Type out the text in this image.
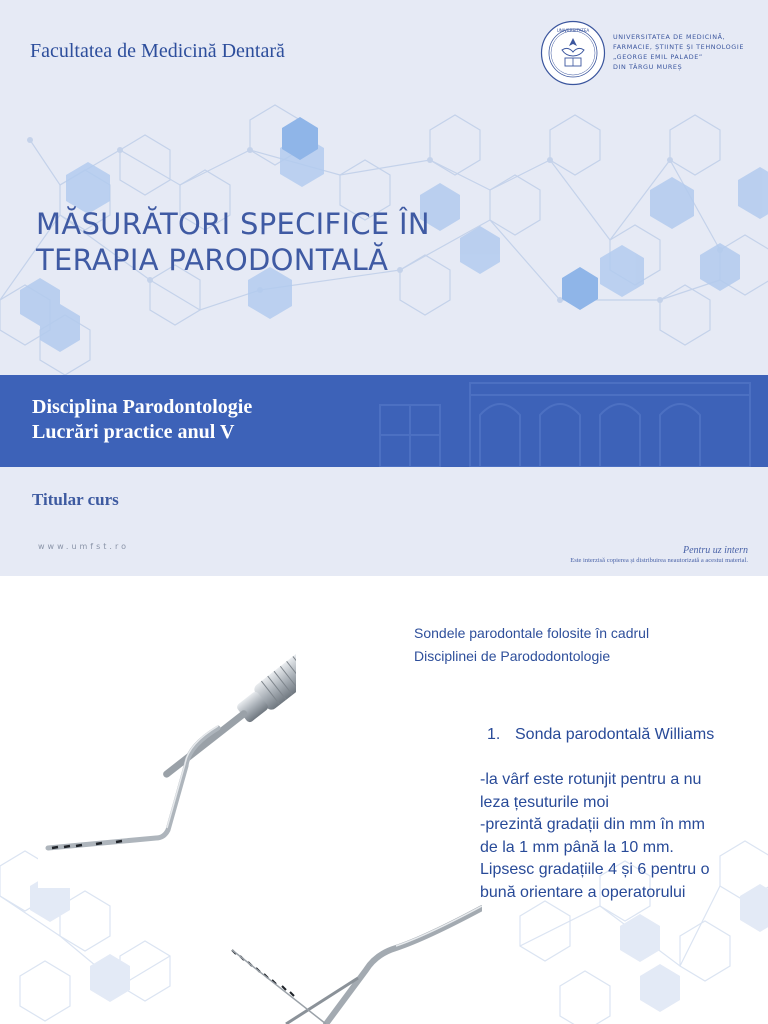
Facultatea de Medicină Dentară
UNIVERSITATEA
UNIVERSITATEA DE MEDICINĂ,
FARMACIE, ȘTIINȚE ȘI TEHNOLOGIE
„GEORGE EMIL PALADE”
DIN TÂRGU MUREȘ
MĂSURĂTORI SPECIFICE ÎN
TERAPIA PARODONTALĂ
Disciplina Parodontologie
Lucrări practice anul V
Titular curs
www.umfst.ro	Pentru uz intern
Este interzisă copierea și distribuirea neautorizată a acestui material.
Sondele parodontale folosite în cadrul
Disciplinei de Parododontologie
1. Sonda parodontală Williams
-la vârf este rotunjit pentru a nu
leza țesuturile moi
-prezintă gradații din mm în mm
de la 1 mm până la 10 mm.
Lipsesc gradațiile 4 și 6 pentru o
bună orientare a operatorului
